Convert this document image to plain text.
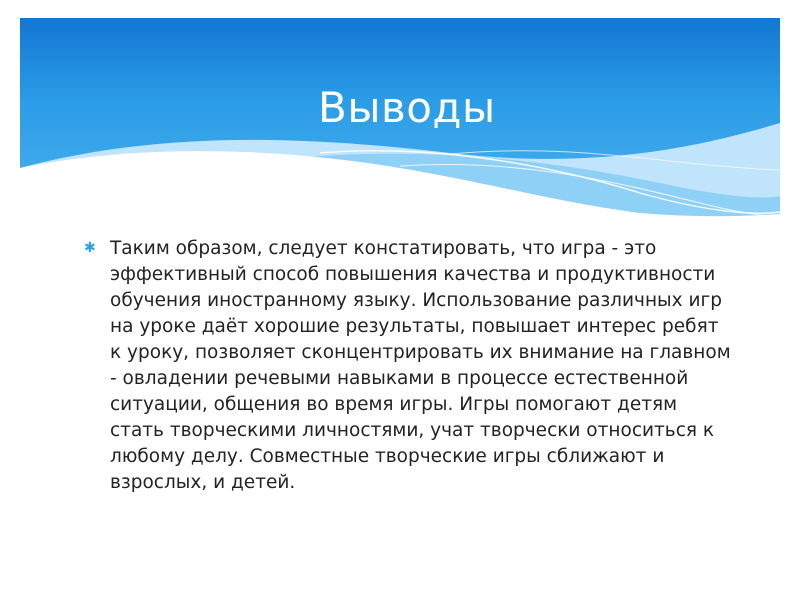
Выводы
✱ Таким образом, следует констатировать, что игра - это эффективный способ повышения качества и продуктивности обучения иностранному языку. Использование различных игр на уроке даёт хорошие результаты, повышает интерес ребят к уроку, позволяет сконцентрировать их внимание на главном - овладении речевыми навыками в процессе естественной ситуации, общения во время игры. Игры помогают детям стать творческими личностями, учат творчески относиться к любому делу. Совместные творческие игры сближают и взрослых, и детей.
